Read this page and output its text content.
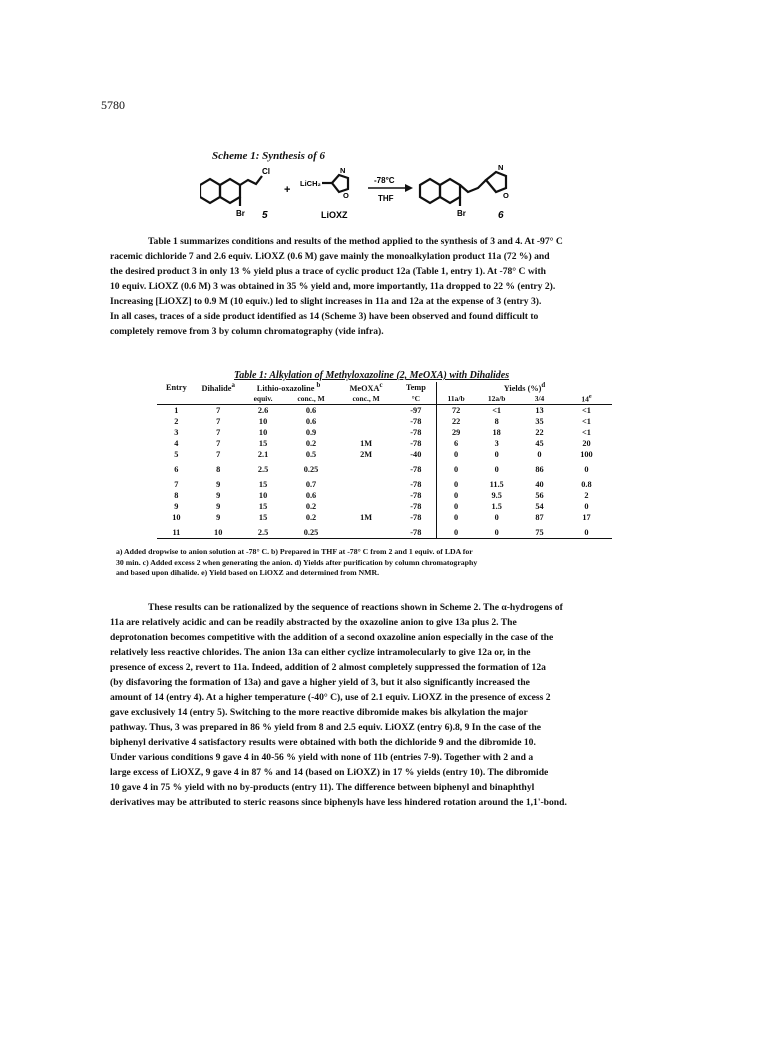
5780
Scheme 1: Synthesis of 6
Cl
+
LiCH₂
N
O
-78°C
THF
Br 5	LiOXZ	Br	6
N
O

Table 1 summarizes conditions and results of the method applied to the synthesis of 3 and 4. At -97° C

racemic dichloride 7 and 2.6 equiv. LiOXZ (0.6 M) gave mainly the monoalkylation product 11a (72 %) and

the desired product 3 in only 13 % yield plus a trace of cyclic product 12a (Table 1, entry 1). At -78° C with

10 equiv. LiOXZ (0.6 M) 3 was obtained in 35 % yield and, more importantly, 11a dropped to 22 % (entry 2).

Increasing [LiOXZ] to 0.9 M (10 equiv.) led to slight increases in 11a and 12a at the expense of 3 (entry 3).

In all cases, traces of a side product identified as 14 (Scheme 3) have been observed and found difficult to

completely remove from 3 by column chromatography (vide infra).

Table 1: Alkylation of Methyloxazoline (2, MeOXA) with Dihalides
Entry	Dihalide$^a$	Lithio-oxazoline $^b$		MeOXA$^c$	Temp	Yields (%)$^d$
		equiv.	conc., M	conc., M	°C	11a/b	12a/b	3/4	14e
1	7	2.6	0.6		-97	72	<1	13	<1
2	7	10	0.6		-78	22	8	35	<1
3	7	10	0.9		-78	29	18	22	<1
4	7	15	0.2	1M	-78	6	3	45	20
5	7	2.1	0.5	2M	-40	0	0	0	100
6	8	2.5	0.25		-78	0	0	86	0
7	9	15	0.7		-78	0	11.5	40	0.8
8	9	10	0.6		-78	0	9.5	56	2
9	9	15	0.2		-78	0	1.5	54	0
10	9	15	0.2	1M	-78	0	0	87	17
11	10	2.5	0.25		-78	0	0	75	0
a) Added dropwise to anion solution at -78° C. b) Prepared in THF at -78° C from 2 and 1 equiv. of LDA for
30 min. c) Added excess 2 when generating the anion. d) Yields after purification by column chromatography
and based upon dihalide. e) Yield based on LiOXZ and determined from NMR.

These results can be rationalized by the sequence of reactions shown in Scheme 2. The α-hydrogens of

11a are relatively acidic and can be readily abstracted by the oxazoline anion to give 13a plus 2. The

deprotonation becomes competitive with the addition of a second oxazoline anion especially in the case of the

relatively less reactive chlorides. The anion 13a can either cyclize intramolecularly to give 12a or, in the

presence of excess 2, revert to 11a. Indeed, addition of 2 almost completely suppressed the formation of 12a

(by disfavoring the formation of 13a) and gave a higher yield of 3, but it also significantly increased the

amount of 14 (entry 4). At a higher temperature (-40° C), use of 2.1 equiv. LiOXZ in the presence of excess 2

gave exclusively 14 (entry 5). Switching to the more reactive dibromide makes bis alkylation the major

pathway. Thus, 3 was prepared in 86 % yield from 8 and 2.5 equiv. LiOXZ (entry 6).8, 9 In the case of the

biphenyl derivative 4 satisfactory results were obtained with both the dichloride 9 and the dibromide 10.

Under various conditions 9 gave 4 in 40-56 % yield with none of 11b (entries 7-9). Together with 2 and a

large excess of LiOXZ, 9 gave 4 in 87 % and 14 (based on LiOXZ) in 17 % yields (entry 10). The dibromide

10 gave 4 in 75 % yield with no by-products (entry 11). The difference between biphenyl and binaphthyl

derivatives may be attributed to steric reasons since biphenyls have less hindered rotation around the 1,1'-bond.
